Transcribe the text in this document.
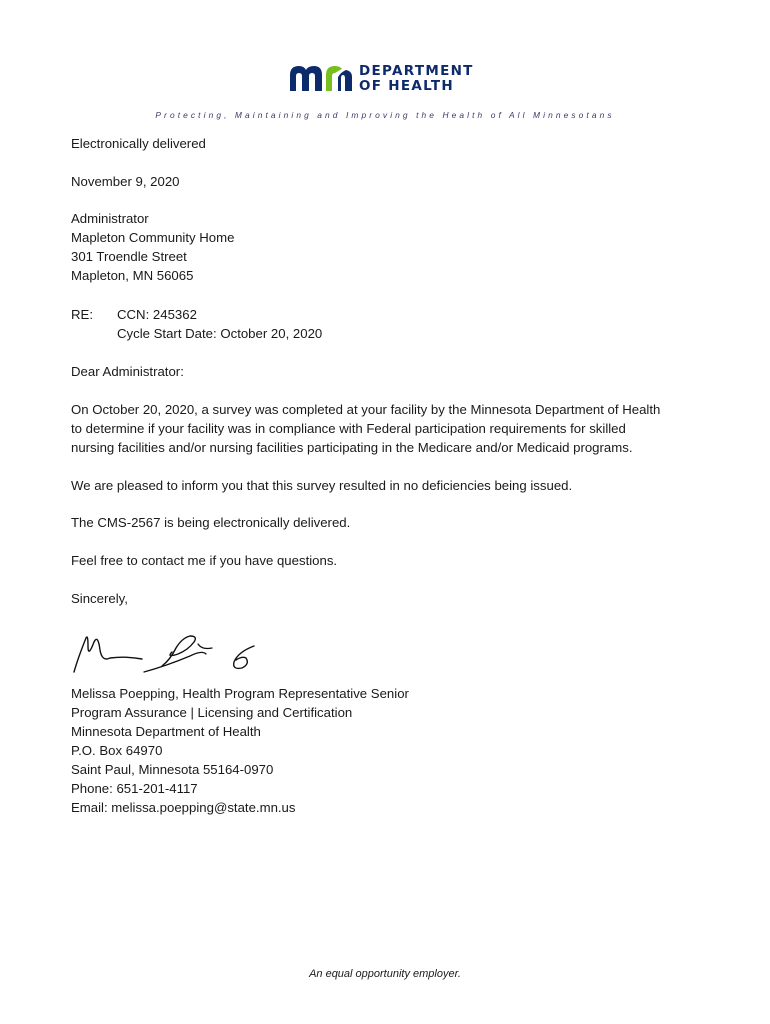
DEPARTMENT
OF HEALTH
Protecting, Maintaining and Improving the Health of All Minnesotans
Electronically delivered
November 9, 2020
Administrator
Mapleton Community Home
301 Troendle Street
Mapleton, MN 56065
RE: CCN: 245362
Cycle Start Date: October 20, 2020
Dear Administrator:
On October 20, 2020, a survey was completed at your facility by the Minnesota Department of Health
to determine if your facility was in compliance with Federal participation requirements for skilled
nursing facilities and/or nursing facilities participating in the Medicare and/or Medicaid programs.
We are pleased to inform you that this survey resulted in no deficiencies being issued.
The CMS-2567 is being electronically delivered.
Feel free to contact me if you have questions.
Sincerely,
Melissa Poepping, Health Program Representative Senior
Program Assurance | Licensing and Certification
Minnesota Department of Health
P.O. Box 64970
Saint Paul, Minnesota 55164-0970
Phone: 651-201-4117
Email: melissa.poepping@state.mn.us
An equal opportunity employer.
